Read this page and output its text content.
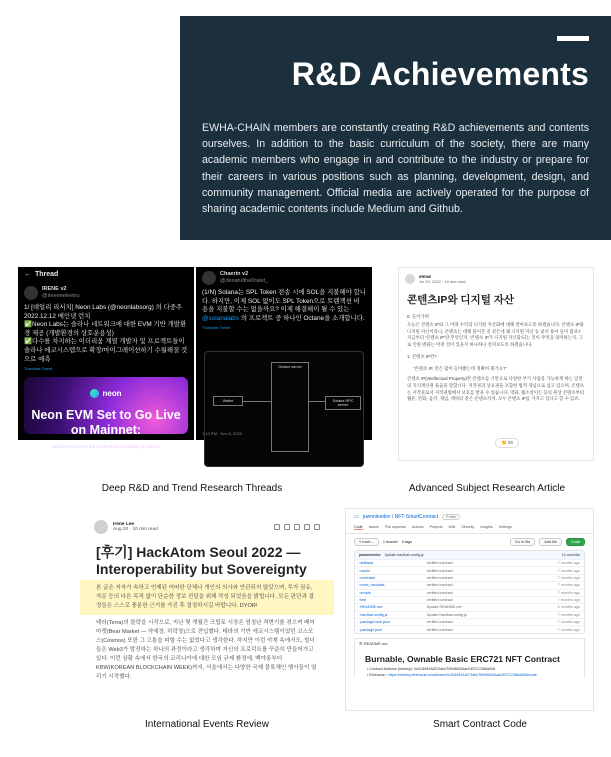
R&D Achievements

EWHA-CHAIN members are constantly creating R&D achievements and contents ourselves. In addition to the basic curriculum of the society, there are many academic members who engage in and contribute to the industry or prepare for their careers in various positions such as planning, development, design, and community management. Official media are actively operated for the purpose of sharing academic contents include Medium and Github.

← Thread
IRENE v2
@ireeeeeleebu
1/ [데일리 리서치] Neon Labs (@neonlabsorg) 의 다중주 2022.12.12 메인넷 런치
✅Neon Labs는 솔라나 네트워크에 대한 EVM 기반 개발환경 제공 (개발환경의 상호운용성)
✅다수를 차지하는 이더리움 계열 개발자 및 프로젝트들이 솔라나 에코시스템으로 확장/마이그레이션하기 수월해질 것으로 예측
Translate Tweet
neon
Neon EVM Set to Go Live on Mainnet:
Welcome to a New Era of Ethereum Scalability on Solana
12.12.22
Chaerin v2
@dexandthe0ralet_
(1/N) Solana는 SPL Token 전송 시에 SOL을 지불해야 합니다. 하지만, 이제 SOL 없이도 SPL Token으로 트랜잭션 비용을 지불할 수는 없을까요? 이제 해결해이 될 수 있는 @solanalabs 의 프로젝트 중 하나인 Octane을 소개합니다.
Translate Tweet
Wallet
Octane server
Solana RPC server
1:13 PM · Dec 6, 2022
Deep R&D and Trend Research Threads	Advanced Subject Research Article
IRENE
Jul 29, 2022 · 10 min read
콘텐츠IP와 디지털 자산
0. 들어가며
오늘은 콘텐츠 IP와 그 미래 수익의 디지털 자산화에 대해 알아보도록 하겠습니다. 콘텐츠 IP와 디지털 자산이라니, 콘텐츠는 대체 물어본 것 같은데 왜 디지털 자산 등 낯선 용어 들이 많죠? 지금부터 '콘텐츠 IP'란 무엇인지, '콘텐츠 IP가 디지털 자산화'되는 것이 무엇을 의미하는지, 그로 인한 변화는 어떤 것이 있을지 하나하나 살펴보도록 하겠습니다.
1. 콘텐츠 IP란?
"콘텐츠 IP, 말은 많이 들어봤는데 정확히 뭔가요?"
콘텐츠 IP(Intellectual Property)란 콘텐츠를 기반으로 다양한 부가 사업을 가능하게 하는 일련의 지식재산권 묶음을 말합니다. 저작권과 상표권을 포함한 법적 개념으로 삼고 있으며, 콘텐츠는 저작물로서 저작권법에서 보호를 받을 수 있습니다. 영화, 웹소설이든 등의 원상 콘텐츠부터 웹툰, 만화, 음악, 게임, 캐릭터 같은 콘텐츠까지, 모두 콘텐츠 IP를 가지고 있다고 할 수 있죠.
👏 86
Irene Lee
Aug 20 · 10 min read
[후기] HackAtom Seoul 2022 — Interoperability but Sovereignty
본 글은 저자가 속하고 언제된 어떠한 단체나 개인의 의사와 연관되지 않았으며, 투자 권유, 자문 등의 다른 목적 없이 단순한 정보 전달을 위해 작성 되었음을 밝힙니다. 모든 판단과 결정들은 스스로 충분한 근거를 가진 후 결정하시길 바랍니다. DYOR!
테라(Terra)의 몰락을 시작으로, 지난 몇 개월간 크립토 시장은 엄청난 격변기를 겪으며 베어 마켓(Bear Market — 약세장, 하락장)으로 전입했다. 테라의 기반 에코시스템이었던 코스모스(Cosmos) 또한 그 고통을 피할 수는 없었다고 생각한다. 하지만 이런 악재 속에서도, 빌더들은 Web3가 발전하는 하나의 과정이라고 생각하며 자신의 프로덕트를 꾸준히 만들어가고 있다. 이런 상황 속에서 한국의 코리니아에 대한 모임 규제 환경에, 백야롱부터 KBW(KOREAN BLOCKCHAIN WEEK)까지, 서울에서는 다양한 국제 블록체인 행사들이 열리기 시작했다.
▭ juwonleedev / NFT-SmartContract	Public
Code Issues Pull requests Actions Projects Wiki Security Insights Settings
⑂ main ▾	1 branch 0 tags	Go to file	Add file	Code
juwonleedev Update hardhat.config.js	14 commits
▪ artifacts	verified contract	7 months ago
▪ cache	verified contract	7 months ago
▪ contracts	verified contract	7 months ago
▪ node_modules	verified contract	7 months ago
▪ scripts	verified contract	7 months ago
▪ test	verified contract	7 months ago
▫ README.md	Update README.md	6 months ago
▫ hardhat.config.js	Update hardhat.config.js	7 months ago
▫ package-lock.json	verified contract	7 months ago
▫ package.json	verified contract	7 months ago
☰ README.md
Burnable, Ownable Basic ERC721 NFT Contract
• Contract Address (rinkeby): 0x4C8994A827b8a7590bB0f3Aab2457C2386a508
• Etherscan : https://rinkeby.etherscan.io/address/0x4C8994A827b8a7590bB0f3Aab2457C2386a508#code
International Events Review	Smart Contract Code
